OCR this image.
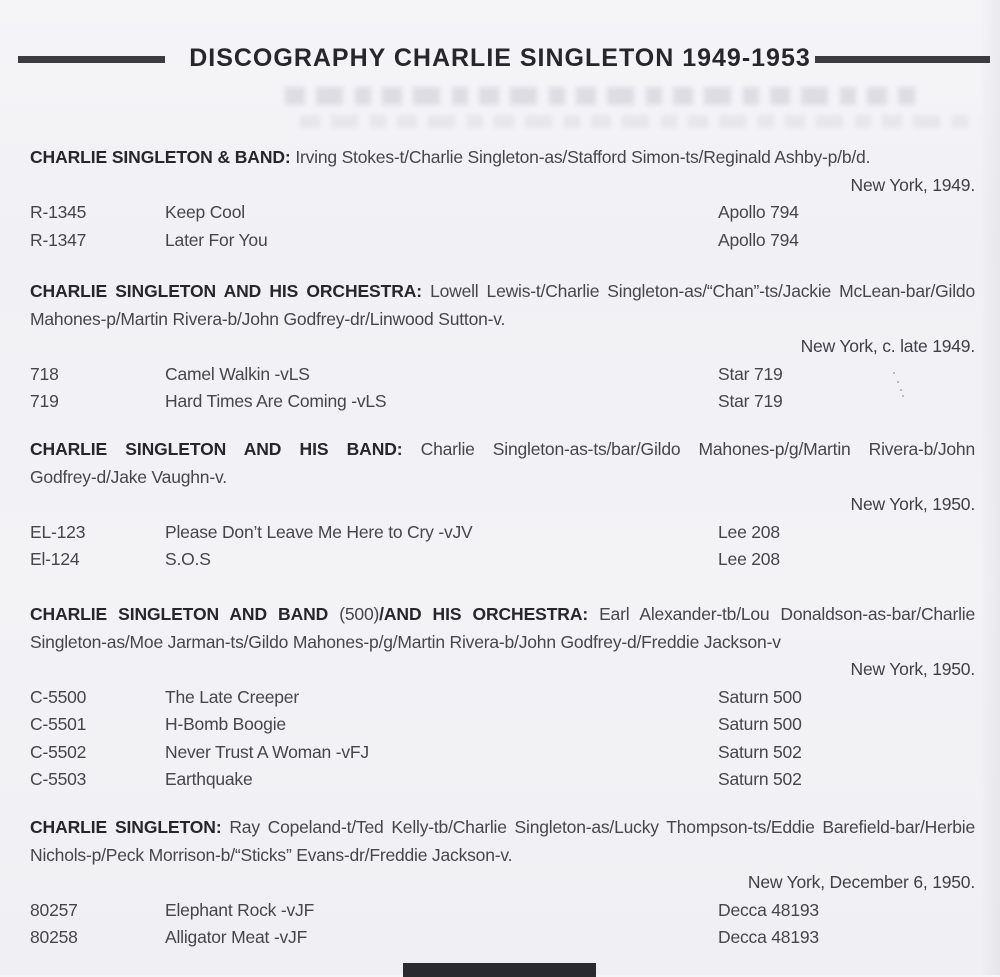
DISCOGRAPHY CHARLIE SINGLETON 1949-1953
CHARLIE SINGLETON & BAND: Irving Stokes-t/Charlie Singleton-as/Stafford Simon-ts/Reginald Ashby-p/b/d.
New York, 1949.
R-1345	Keep Cool	Apollo 794
R-1347	Later For You	Apollo 794
CHARLIE SINGLETON AND HIS ORCHESTRA: Lowell Lewis-t/Charlie Singleton-as/“Chan”-ts/Jackie McLean-bar/Gildo
Mahones-p/Martin Rivera-b/John Godfrey-dr/Linwood Sutton-v.
New York, c. late 1949.
718	Camel Walkin -vLS	Star 719
719	Hard Times Are Coming -vLS	Star 719
CHARLIE SINGLETON AND HIS BAND: Charlie Singleton-as-ts/bar/Gildo Mahones-p/g/Martin Rivera-b/John
Godfrey-d/Jake Vaughn-v.
New York, 1950.
EL-123	Please Don’t Leave Me Here to Cry -vJV	Lee 208
El-124	S.O.S	Lee 208
CHARLIE SINGLETON AND BAND (500)/AND HIS ORCHESTRA: Earl Alexander-tb/Lou Donaldson-as-bar/Charlie
Singleton-as/Moe Jarman-ts/Gildo Mahones-p/g/Martin Rivera-b/John Godfrey-d/Freddie Jackson-v
New York, 1950.
C-5500	The Late Creeper	Saturn 500
C-5501	H-Bomb Boogie	Saturn 500
C-5502	Never Trust A Woman -vFJ	Saturn 502
C-5503	Earthquake	Saturn 502
CHARLIE SINGLETON: Ray Copeland-t/Ted Kelly-tb/Charlie Singleton-as/Lucky Thompson-ts/Eddie Barefield-bar/Herbie
Nichols-p/Peck Morrison-b/“Sticks” Evans-dr/Freddie Jackson-v.
New York, December 6, 1950.
80257	Elephant Rock -vJF	Decca 48193
80258	Alligator Meat -vJF	Decca 48193
